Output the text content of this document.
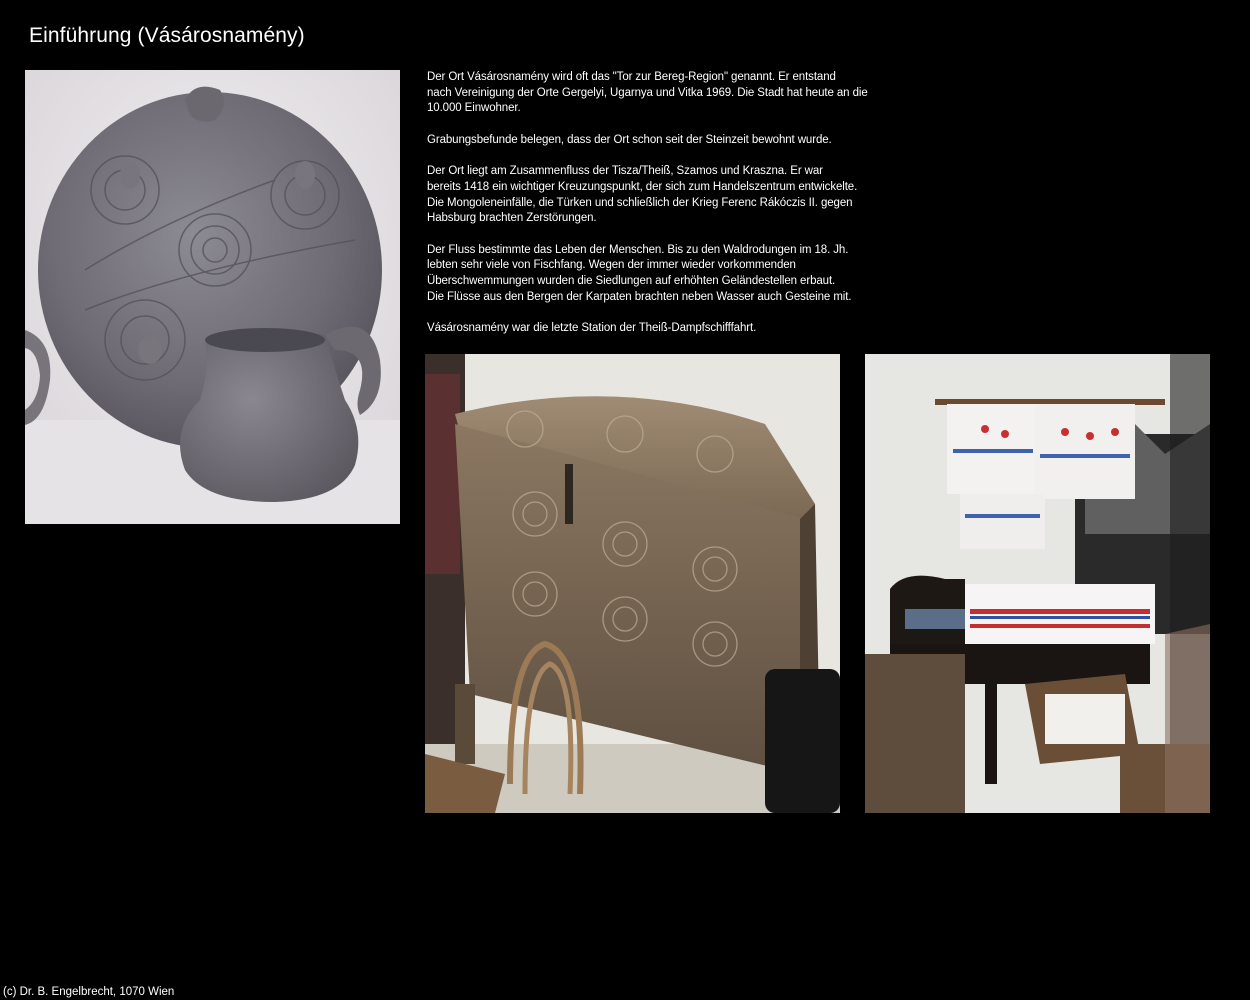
Einführung (Vásárosnamény)

Der Ort Vásárosnamény wird oft das "Tor zur Bereg-Region" genannt. Er entstand
nach Vereinigung der Orte Gergelyi, Ugarnya und Vitka 1969. Die Stadt hat heute an die
10.000 Einwohner.

Grabungsbefunde belegen, dass der Ort schon seit der Steinzeit bewohnt wurde.

Der Ort liegt am Zusammenfluss der Tisza/Theiß, Szamos und Kraszna. Er war
bereits 1418 ein wichtiger Kreuzungspunkt, der sich zum Handelszentrum entwickelte.
Die Mongoleneinfälle, die Türken und schließlich der Krieg Ferenc Rákóczis II. gegen
Habsburg brachten Zerstörungen.

Der Fluss bestimmte das Leben der Menschen. Bis zu den Waldrodungen im 18. Jh.
lebten sehr viele von Fischfang. Wegen der immer wieder vorkommenden
Überschwemmungen wurden die Siedlungen auf erhöhten Geländestellen erbaut.
Die Flüsse aus den Bergen der Karpaten brachten neben Wasser auch Gesteine mit.

Vásárosnamény war die letzte Station der Theiß-Dampfschifffahrt.

(c) Dr. B. Engelbrecht, 1070 Wien
